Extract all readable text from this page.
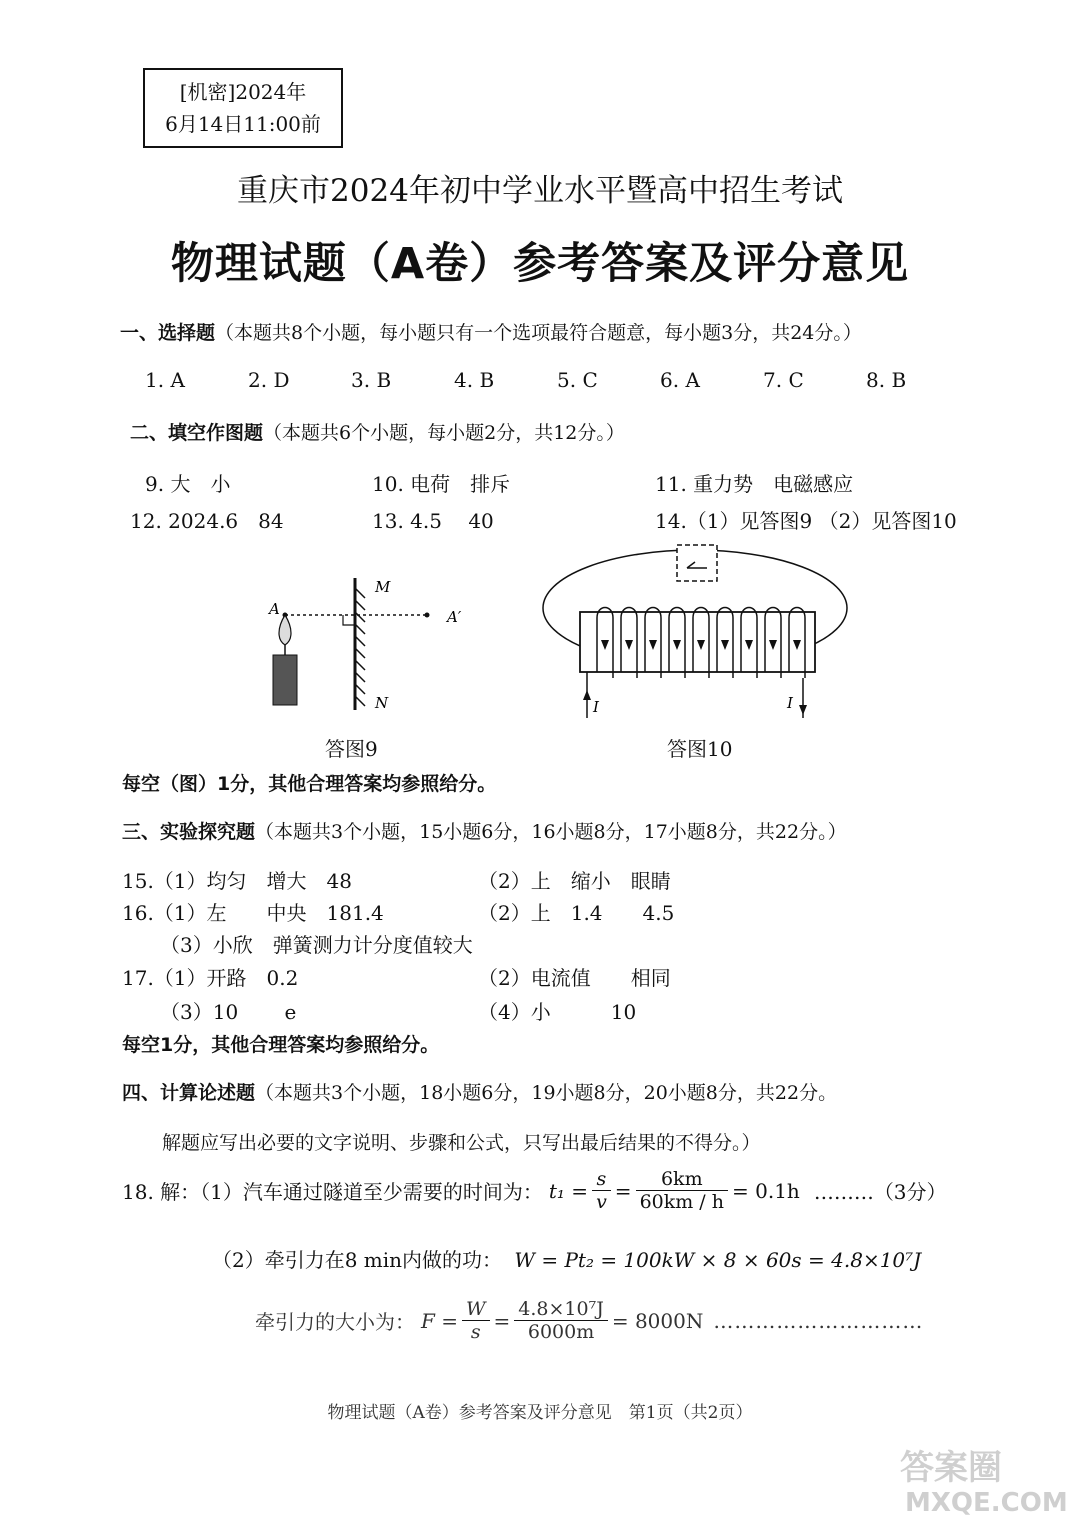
[机密]2024年
6月14日11:00前
重庆市2024年初中学业水平暨高中招生考试
物理试题（A卷）参考答案及评分意见
一、选择题（本题共8个小题，每小题只有一个选项最符合题意，每小题3分，共24分。）
1. A	2. D	3. B	4. B	5. C	6. A	7. C	8. B
二、填空作图题（本题共6个小题，每小题2分，共12分。）
9. 大　小	10. 电荷　排斥	11. 重力势　电磁感应
12. 2024.6　84	13. 4.5　 40	14.（1）见答图9 （2）见答图10
M
N
A	A′
I	I
答图9	答图10
每空（图）1分，其他合理答案均参照给分。
三、实验探究题（本题共3个小题，15小题6分，16小题8分，17小题8分，共22分。）
15.（1）均匀　增大　48	（2）上　缩小　眼睛
16.（1）左　　中央　181.4	（2）上　1.4　　4.5
（3）小欣　弹簧测力计分度值较大
17.（1）开路　0.2	（2）电流值　　相同
（3）10　　 e	（4）小　　　10
每空1分，其他合理答案均参照给分。
四、计算论述题（本题共3个小题，18小题6分，19小题8分，20小题8分，共22分。
解题应写出必要的文字说明、步骤和公式，只写出最后结果的不得分。）
18. 解：（1）汽车通过隧道至少需要的时间为： $t_1 = \frac{s}{v} = \frac{6km}{60km / h} = 0.1h$ ………（3分）
（2）牵引力在8 min内做的功： W = Pt₂ = 100kW × 8 × 60s = 4.8×10⁷J
牵引力的大小为： $F = \frac{W}{s} = \frac{\text{4.8×10⁷J}}{6000m} = 8000N$ …………………………
物理试题（A卷）参考答案及评分意见　第1页（共2页）
答案圈
MXQE.COM
